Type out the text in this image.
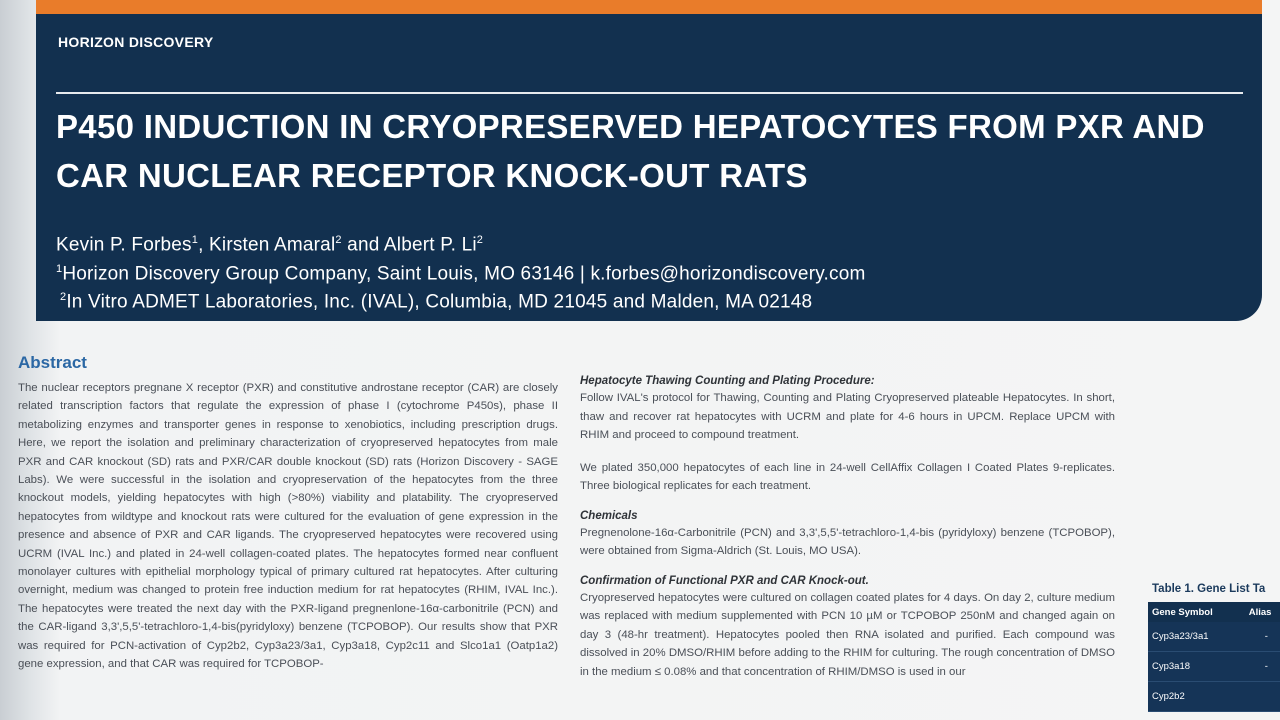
HORIZON DISCOVERY
P450 INDUCTION IN CRYOPRESERVED HEPATOCYTES FROM PXR AND CAR NUCLEAR RECEPTOR KNOCK-OUT RATS
Kevin P. Forbes$^1$, Kirsten Amaral$^2$ and Albert P. Li$^2$
$^1$Horizon Discovery Group Company, Saint Louis, MO 63146 | k.forbes@horizondiscovery.com
$^2$In Vitro ADMET Laboratories, Inc. (IVAL), Columbia, MD 21045 and Malden, MA 02148
Abstract

The nuclear receptors pregnane X receptor (PXR) and constitutive androstane receptor (CAR) are closely related transcription factors that regulate the expression of phase I (cytochrome P450s), phase II metabolizing enzymes and transporter genes in response to xenobiotics, including prescription drugs. Here, we report the isolation and preliminary characterization of cryopreserved hepatocytes from male PXR and CAR knockout (SD) rats and PXR/CAR double knockout (SD) rats (Horizon Discovery - SAGE Labs). We were successful in the isolation and cryopreservation of the hepatocytes from the three knockout models, yielding hepatocytes with high (>80%) viability and platability. The cryopreserved hepatocytes from wildtype and knockout rats were cultured for the evaluation of gene expression in the presence and absence of PXR and CAR ligands. The cryopreserved hepatocytes were recovered using UCRM (IVAL Inc.) and plated in 24-well collagen-coated plates. The hepatocytes formed near confluent monolayer cultures with epithelial morphology typical of primary cultured rat hepatocytes. After culturing overnight, medium was changed to protein free induction medium for rat hepatocytes (RHIM, IVAL Inc.). The hepatocytes were treated the next day with the PXR-ligand pregnenlone-16α-carbonitrile (PCN) and the CAR-ligand 3,3',5,5'-tetrachloro-1,4-bis(pyridyloxy) benzene (TCPOBOP). Our results show that PXR was required for PCN-activation of Cyp2b2, Cyp3a23/3a1, Cyp3a18, Cyp2c11 and Slco1a1 (Oatp1a2) gene expression, and that CAR was required for TCPOBOP-

Hepatocyte Thawing Counting and Plating Procedure:

Follow IVAL's protocol for Thawing, Counting and Plating Cryopreserved plateable Hepatocytes. In short, thaw and recover rat hepatocytes with UCRM and plate for 4-6 hours in UPCM. Replace UPCM with RHIM and proceed to compound treatment.

We plated 350,000 hepatocytes of each line in 24-well CellAffix Collagen I Coated Plates 9-replicates. Three biological replicates for each treatment.

Chemicals

Pregnenolone-16α-Carbonitrile (PCN) and 3,3',5,5'-tetrachloro-1,4-bis (pyridyloxy) benzene (TCPOBOP), were obtained from Sigma-Aldrich (St. Louis, MO USA).

Confirmation of Functional PXR and CAR Knock-out.

Cryopreserved hepatocytes were cultured on collagen coated plates for 4 days. On day 2, culture medium was replaced with medium supplemented with PCN 10 µM or TCPOBOP 250nM and changed again on day 3 (48-hr treatment). Hepatocytes pooled then RNA isolated and purified. Each compound was dissolved in 20% DMSO/RHIM before adding to the RHIM for culturing. The rough concentration of DMSO in the medium ≤ 0.08% and that concentration of RHIM/DMSO is used in our

Table 1. Gene List Ta
Gene Symbol	Alias
Cyp3a23/3a1	-
Cyp3a18	-
Cyp2b2	
